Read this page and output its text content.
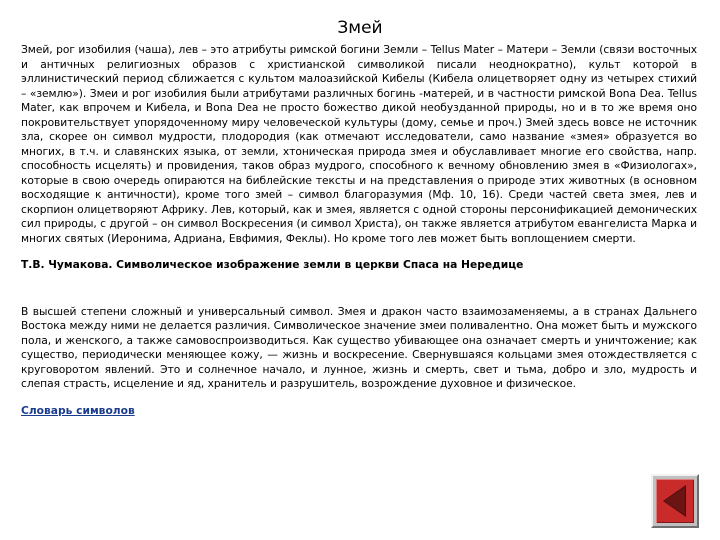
Змей

Змей, рог изобилия (чаша), лев – это атрибуты римской богини Земли – Tellus Mater – Матери – Земли (связи восточных и античных религиозных образов с христианской символикой писали неоднократно), культ которой в эллинистический период сближается с культом малоазийской Кибелы (Кибела олицетворяет одну из четырех стихий – «землю»). Змеи и рог изобилия были атрибутами различных богинь -матерей, и в частности римской Bona Dea. Tellus Mater, как впрочем и Кибела, и Bona Dea не просто божество дикой необузданной природы, но и в то же время оно покровительствует упорядоченному миру человеческой культуры (дому, семье и проч.) Змей здесь вовсе не источник зла, скорее он символ мудрости, плодородия (как отмечают исследователи, само название «змея» образуется во многих, в т.ч. и славянских языка, от земли, хтоническая природа змея и обуславливает многие его свойства, напр. способность исцелять) и провидения, таков образ мудрого, способного к вечному обновлению змея в «Физиологах», которые в свою очередь опираются на библейские тексты и на представления о природе этих животных (в основном восходящие к античности), кроме того змей – символ благоразумия (Мф. 10, 16). Среди частей света змея, лев и скорпион олицетворяют Африку. Лев, который, как и змея, является с одной стороны персонификацией демонических сил природы, с другой – он символ Воскресения (и символ Христа), он также является атрибутом евангелиста Марка и многих святых (Иеронима, Адриана, Евфимия, Феклы). Но кроме того лев может быть воплощением смерти.

Т.В. Чумакова. Символическое изображение земли в церкви Спаса на Нередице

В высшей степени сложный и универсальный символ. Змея и дракон часто взаимозаменяемы, а в странах Дальнего Востока между ними не делается различия. Символическое значение змеи поливалентно. Она может быть и мужского пола, и женского, а также самовоспроизводиться. Как существо убивающее она означает смерть и уничтожение; как существо, периодически меняющее кожу, — жизнь и воскресение. Свернувшаяся кольцами змея отождествляется с круговоротом явлений. Это и солнечное начало, и лунное, жизнь и смерть, свет и тьма, добро и зло, мудрость и слепая страсть, исцеление и яд, хранитель и разрушитель, возрождение духовное и физическое.

Словарь символов
